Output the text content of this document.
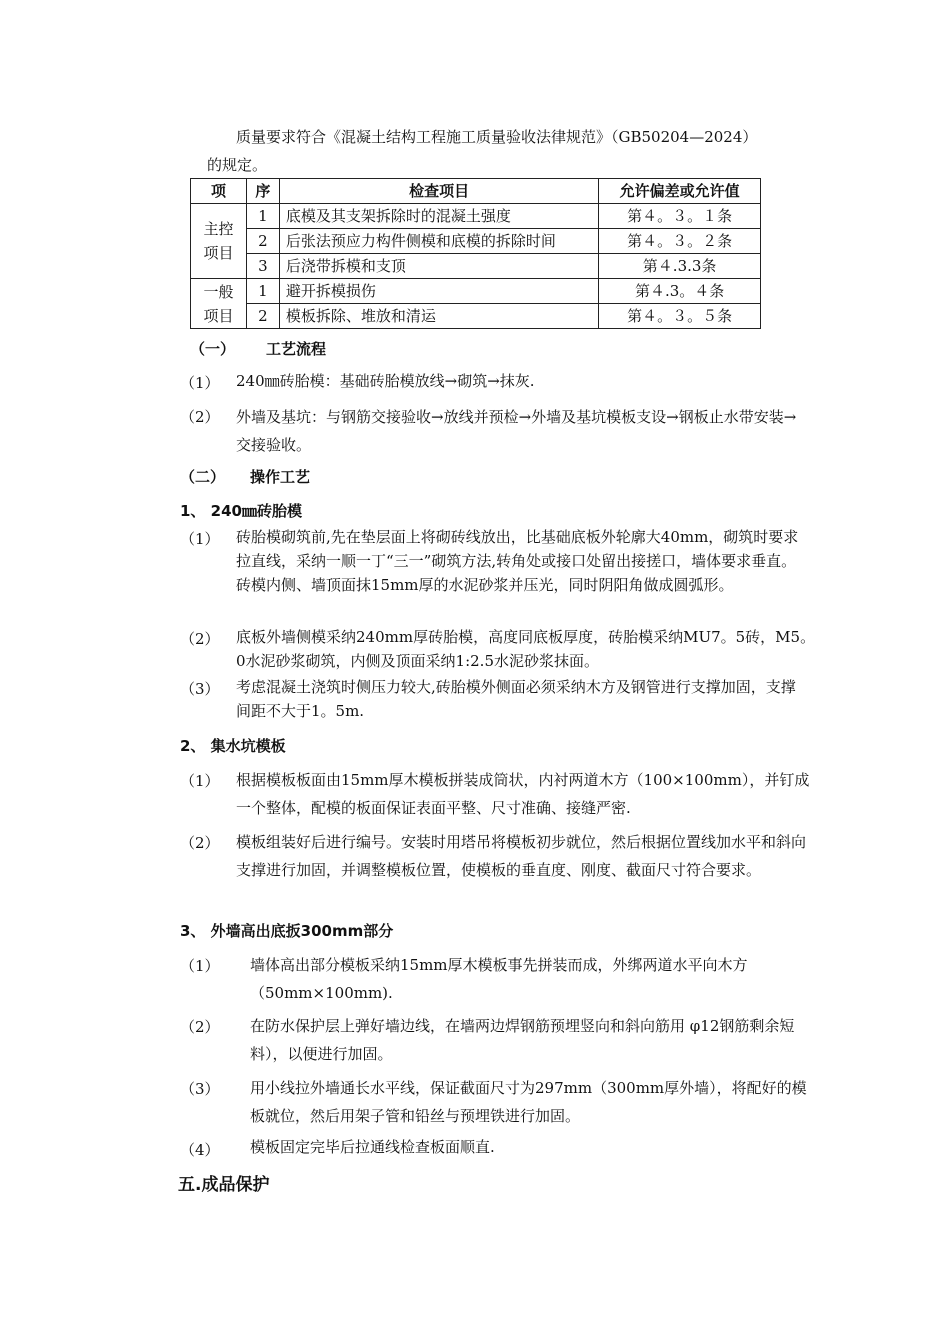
质量要求符合《混凝土结构工程施工质量验收法律规范》（GB50204—2024）
的规定。
项	序	检查项目	允许偏差或允许值
主控项目	1	底模及其支架拆除时的混凝土强度	第４。３。１条
	2	后张法预应力构件侧模和底模的拆除时间	第４。３。２条
	3	后浇带拆模和支顶	第４.3.3条
一般项目	1	避开拆模损伤	第４.3。４条
	2	模板拆除、堆放和清运	第４。３。５条
（一） 工艺流程
（1） 240㎜砖胎模：基础砖胎模放线→砌筑→抹灰.
（2） 外墙及基坑：与钢筋交接验收→放线并预检→外墙及基坑模板支设→钢板止水带安装→交接验收。
（二） 操作工艺
1、 240㎜砖胎模
（1） 砖胎模砌筑前,先在垫层面上将砌砖线放出，比基础底板外轮廓大40mm，砌筑时要求拉直线，采纳一顺一丁“三一”砌筑方法,转角处或接口处留出接搓口，墙体要求垂直。砖模内侧、墙顶面抹15mm厚的水泥砂浆并压光，同时阴阳角做成圆弧形。
（2） 底板外墙侧模采纳240mm厚砖胎模，高度同底板厚度，砖胎模采纳MU7。5砖，M5。0水泥砂浆砌筑，内侧及顶面采纳1:2.5水泥砂浆抹面。
（3） 考虑混凝土浇筑时侧压力较大,砖胎模外侧面必须采纳木方及钢管进行支撑加固，支撑间距不大于1。5m.
2、 集水坑模板
（1） 根据模板板面由15mm厚木模板拼装成筒状，内衬两道木方（100×100mm），并钉成一个整体，配模的板面保证表面平整、尺寸准确、接缝严密.
（2） 模板组装好后进行编号。安装时用塔吊将模板初步就位，然后根据位置线加水平和斜向支撑进行加固，并调整模板位置，使模板的垂直度、刚度、截面尺寸符合要求。
3、 外墙高出底扳300mm部分
（1） 墙体高出部分模板采纳15mm厚木模板事先拼装而成，外绑两道水平向木方（50mm×100mm).
（2） 在防水保护层上弹好墙边线，在墙两边焊钢筋预埋竖向和斜向筋用 φ12钢筋剩余短料），以便进行加固。
（3） 用小线拉外墙通长水平线，保证截面尺寸为297mm（300mm厚外墙），将配好的模板就位，然后用架子管和铅丝与预埋铁进行加固。
（4） 模板固定完毕后拉通线检查板面顺直.
五.成品保护
